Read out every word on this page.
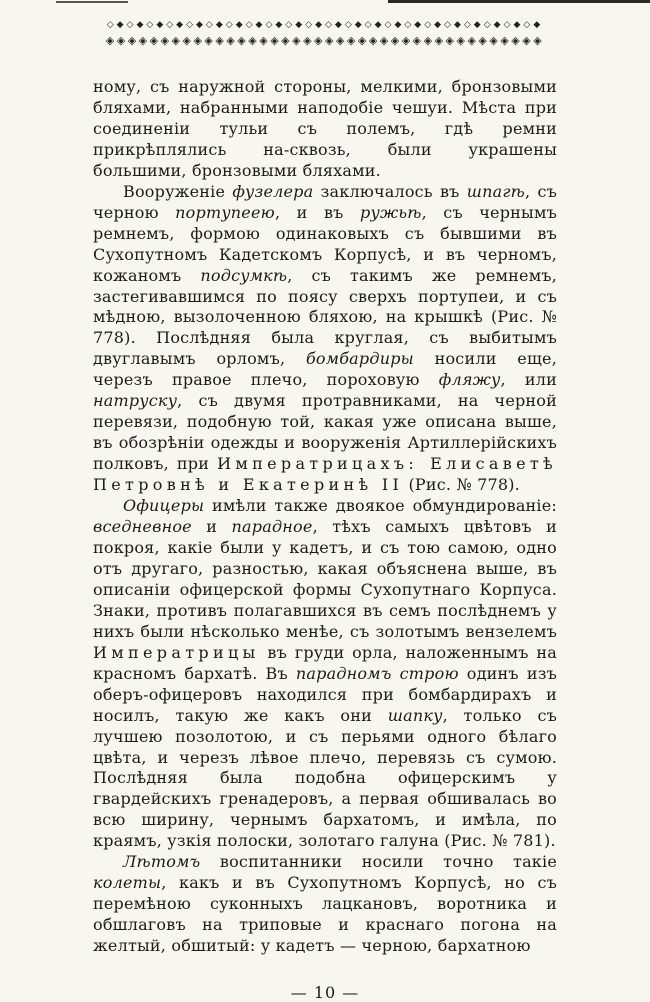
◇◆◇◆◇◆◇◆◇◆◇◆◇◆◇◆◇◆◇◆◇◆◇◆◇◆◇◆◇◆◇◆◇◆◇◆◇◆◇◆◇◆◇◆
◈◈◈◈◈◈◈◈◈◈◈◈◈◈◈◈◈◈◈◈◈◈◈◈◈◈◈◈◈◈◈◈◈◈◈◈◈◈◈◈

ному, съ наружной стороны, мелкими, бронзовыми бляхами, набранными наподобіе чешуи. Мѣста при соединеніи тульи съ полемъ, гдѣ ремни прикрѣплялись на-сквозь, были украшены большими, бронзовыми бляхами.

Вооруженіе фузелера заключалось въ шпагѣ, съ черною портупеею, и въ ружьѣ, съ чернымъ ремнемъ, формою одинаковыхъ съ бывшими въ Сухопутномъ Кадетскомъ Корпусѣ, и въ черномъ, кожаномъ подсумкѣ, съ такимъ же ремнемъ, застегивавшимся по поясу сверхъ портупеи, и съ мѣдною, вызолоченною бляхою, на крышкѣ (Рис. № 778). Послѣдняя была круглая, съ выбитымъ двуглавымъ орломъ, бомбардиры носили еще, черезъ правое плечо, пороховую фляжу, или натруску, съ двумя протравниками, на черной перевязи, подобную той, какая уже описана выше, въ обозрѣніи одежды и вооруженія Артиллерійскихъ полковъ, при Императрицахъ: Елисаветѣ Петровнѣ и Екатеринѣ II (Рис. № 778).

Офицеры имѣли также двоякое обмундированіе: вседневное и парадное, тѣхъ самыхъ цвѣтовъ и покроя, какіе были у кадетъ, и съ тою самою, одно отъ другаго, разностью, какая объяснена выше, въ описаніи офицерской формы Сухопутнаго Корпуса. Знаки, противъ полагавшихся въ семъ послѣднемъ у нихъ были нѣсколько менѣе, съ золотымъ вензелемъ Императрицы въ груди орла, наложеннымъ на красномъ бархатѣ. Въ парадномъ строю одинъ изъ оберъ-офицеровъ находился при бомбардирахъ и носилъ, такую же какъ они шапку, только съ лучшею позолотою, и съ перьями одного бѣлаго цвѣта, и черезъ лѣвое плечо, перевязь съ сумою. Послѣдняя была подобна офицерскимъ у гвардейскихъ гренадеровъ, а первая обшивалась во всю ширину, чернымъ бархатомъ, и имѣла, по краямъ, узкія полоски, золотаго галуна (Рис. № 781).

Лѣтомъ воспитанники носили точно такіе колеты, какъ и въ Сухопутномъ Корпусѣ, но съ перемѣною суконныхъ лацкановъ, воротника и обшлаговъ на триповые и краснаго погона на желтый, обшитый: у кадетъ — черною, бархатною

— 10 —
